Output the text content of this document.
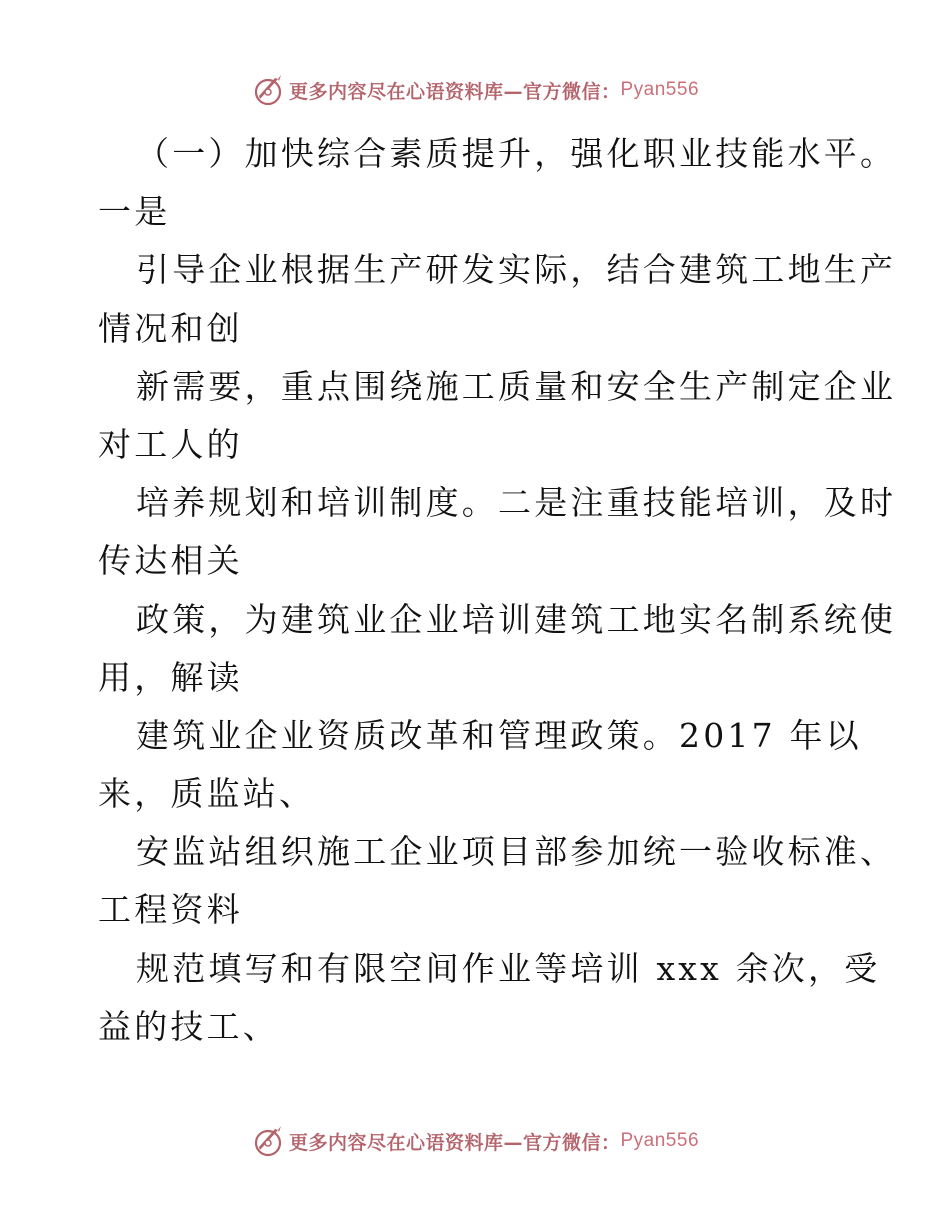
更多内容尽在心语资料库—官方微信： Pyan556
（一）加快综合素质提升，强化职业技能水平。
一是
引导企业根据生产研发实际，结合建筑工地生产
情况和创
新需要，重点围绕施工质量和安全生产制定企业
对工人的
培养规划和培训制度。二是注重技能培训，及时
传达相关
政策，为建筑业企业培训建筑工地实名制系统使
用，解读
建筑业企业资质改革和管理政策。2017 年以
来，质监站、
安监站组织施工企业项目部参加统一验收标准、
工程资料
规范填写和有限空间作业等培训 xxx 余次，受
益的技工、
更多内容尽在心语资料库—官方微信： Pyan556
